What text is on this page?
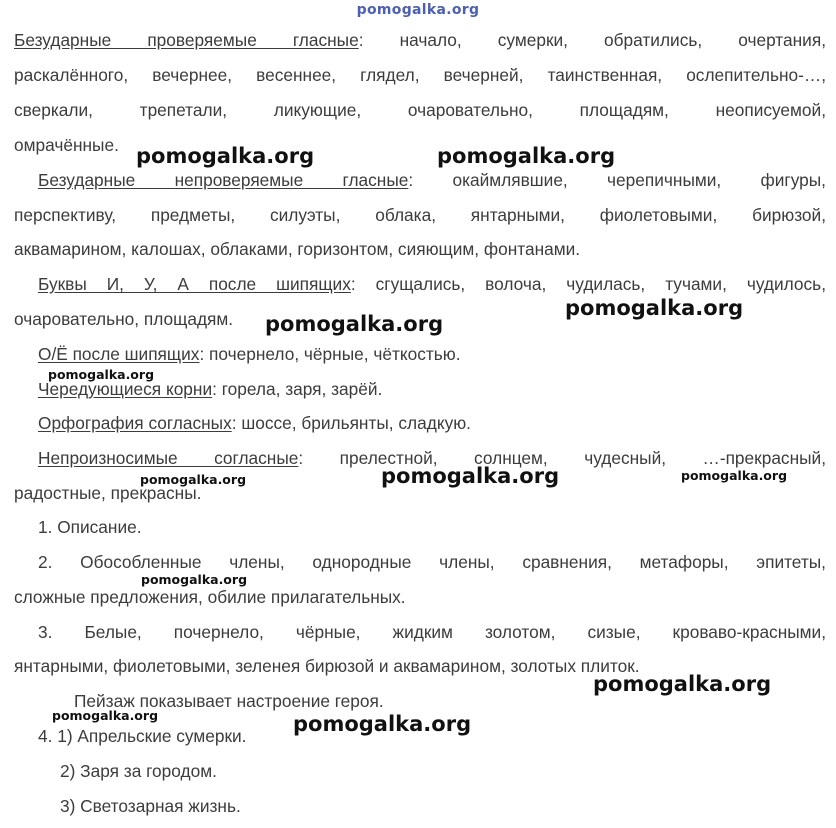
pomogalka.org
Безударные проверяемые гласные: начало, сумерки, обратились, очертания,
раскалённого, вечернее, весеннее, глядел, вечерней, таинственная, ослепительно-…,
сверкали, трепетали, ликующие, очаровательно, площадям, неописуемой,
омрачённые.
Безударные непроверяемые гласные: окаймлявшие, черепичными, фигуры,
перспективу, предметы, силуэты, облака, янтарными, фиолетовыми, бирюзой,
аквамарином, калошах, облаками, горизонтом, сияющим, фонтанами.
Буквы И, У, А после шипящих: сгущались, волоча, чудилась, тучами, чудилось,
очаровательно, площадям.
О/Ё после шипящих: почернело, чёрные, чёткостью.
Чередующиеся корни: горела, заря, зарёй.
Орфография согласных: шоссе, брильянты, сладкую.
Непроизносимые согласные: прелестной, солнцем, чудесный, …-прекрасный,
радостные, прекрасны.
1. Описание.
2. Обособленные члены, однородные члены, сравнения, метафоры, эпитеты,
сложные предложения, обилие прилагательных.
3. Белые, почернело, чёрные, жидким золотом, сизые, кроваво-красными,
янтарными, фиолетовыми, зеленея бирюзой и аквамарином, золотых плиток.
Пейзаж показывает настроение героя.
4. 1) Апрельские сумерки.
2) Заря за городом.
3) Светозарная жизнь.
pomogalka.org	pomogalka.org
pomogalka.org
pomogalka.org
pomogalka.org
pomogalka.org
pomogalka.org	pomogalka.org
pomogalka.org
pomogalka.org
pomogalka.org	pomogalka.org
